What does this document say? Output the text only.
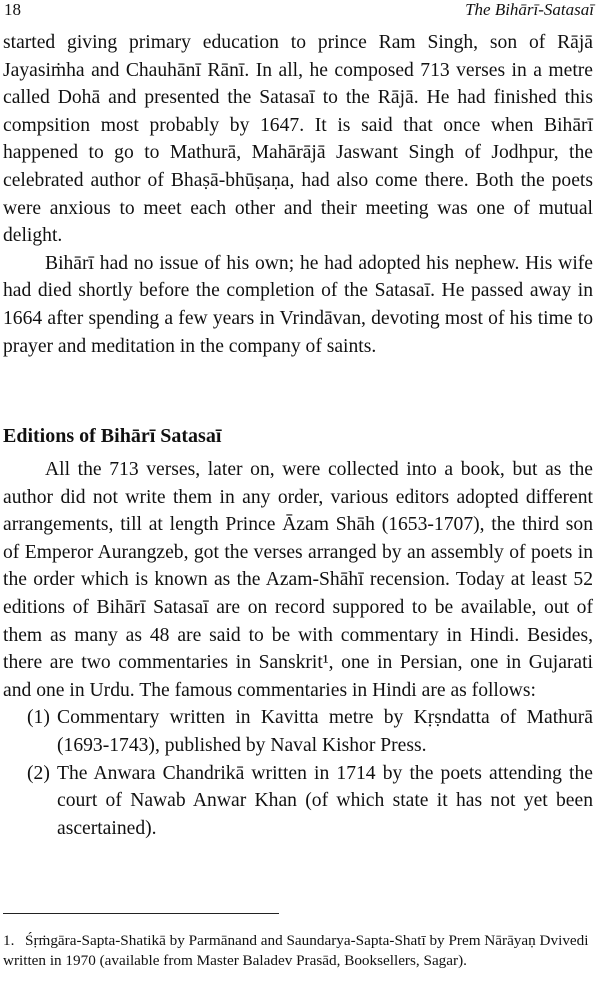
18	The Bihārī-Satasaī

started giving primary education to prince Ram Singh, son of Rājā Jayasiṁha and Chauhānī Rānī. In all, he composed 713 verses in a metre called Dohā and presented the Satasaī to the Rājā. He had finished this compsition most probably by 1647. It is said that once when Bihārī happened to go to Mathurā, Mahārājā Jaswant Singh of Jodhpur, the celebrated author of Bhaṣā-bhūṣaṇa, had also come there. Both the poets were anxious to meet each other and their meeting was one of mutual delight.

Bihārī had no issue of his own; he had adopted his nephew. His wife had died shortly before the completion of the Satasaī. He passed away in 1664 after spending a few years in Vrindāvan, devoting most of his time to prayer and meditation in the company of saints.

Editions of Bihārī Satasaī

All the 713 verses, later on, were collected into a book, but as the author did not write them in any order, various editors adopted different arrangements, till at length Prince Āzam Shāh (1653-1707), the third son of Emperor Aurangzeb, got the verses arranged by an assembly of poets in the order which is known as the Azam-Shāhī recension. Today at least 52 editions of Bihārī Satasaī are on record suppored to be available, out of them as many as 48 are said to be with commentary in Hindi. Besides, there are two commentaries in Sanskrit¹, one in Persian, one in Gujarati and one in Urdu. The famous commentaries in Hindi are as follows:

(1) Commentary written in Kavitta metre by Kṛṣndatta of Mathurā (1693-1743), published by Naval Kishor Press.
(2) The Anwara Chandrikā written in 1714 by the poets attending the court of Nawab Anwar Khan (of which state it has not yet been ascertained).
1. Śṛṁgāra-Sapta-Shatikā by Parmānand and Saundarya-Sapta-Shatī by Prem Nārāyaṇ Dvivedi written in 1970 (available from Master Baladev Prasād, Booksellers, Sagar).
